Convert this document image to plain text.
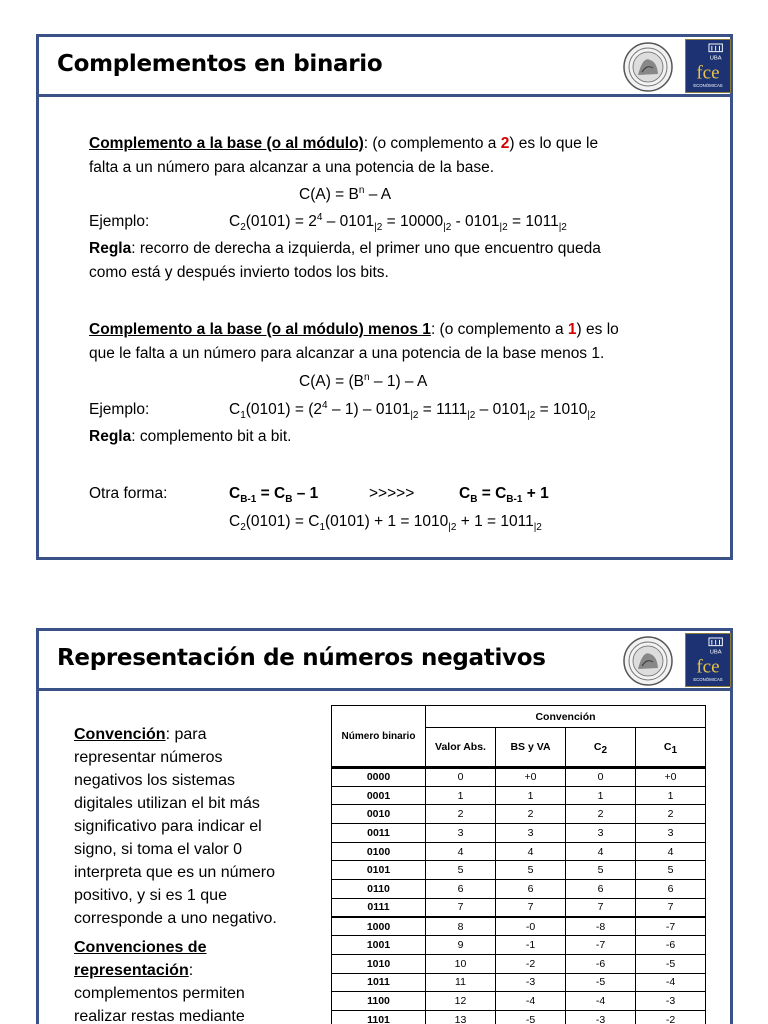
Complementos en binario	UBA
fce
ECONÓMICAS
Complemento a la base (o al módulo): (o complemento a 2) es lo que le
falta a un número para alcanzar a una potencia de la base.
$C(A) = B^n - A$
Ejemplo:	$C_2(0101) = 2^4 - 0101_{|2} = 10000_{|2} - 0101_{|2} = 1011_{|2}$
Regla: recorro de derecha a izquierda, el primer uno que encuentro queda
como está y después invierto todos los bits.
Complemento a la base (o al módulo) menos 1: (o complemento a 1) es lo
que le falta a un número para alcanzar a una potencia de la base menos 1.
$C(A) = (B^n - 1) - A$
Ejemplo:	$C_1(0101) = (2^4 - 1) - 0101_{|2} = 1111_{|2} - 0101_{|2} = 1010_{|2}$
Regla: complemento bit a bit.
Otra forma:	$C_{B-1} = C_B - 1$	>>>>>	$C_B = C_{B-1} + 1$
$C_2(0101) = C_1(0101) + 1 = 1010_{|2} + 1 = 1011_{|2}$
Representación de números negativos	UBA
fce
ECONÓMICAS
Convención: para
representar números
negativos los sistemas
digitales utilizan el bit más
significativo para indicar el
signo, si toma el valor 0
interpreta que es un número
positivo, y si es 1 que
corresponde a uno negativo.
Convenciones de
representación:
complementos permiten
realizar restas mediante
Número binario	Convención			
	Valor Abs.	BS y VA	$C_2$	$C_1$
0000	0	+0	0	+0
0001	1	1	1	1
0010	2	2	2	2
0011	3	3	3	3
0100	4	4	4	4
0101	5	5	5	5
0110	6	6	6	6
0111	7	7	7	7
1000	8	-0	-8	-7
1001	9	-1	-7	-6
1010	10	-2	-6	-5
1011	11	-3	-5	-4
1100	12	-4	-4	-3
1101	13	-5	-3	-2
